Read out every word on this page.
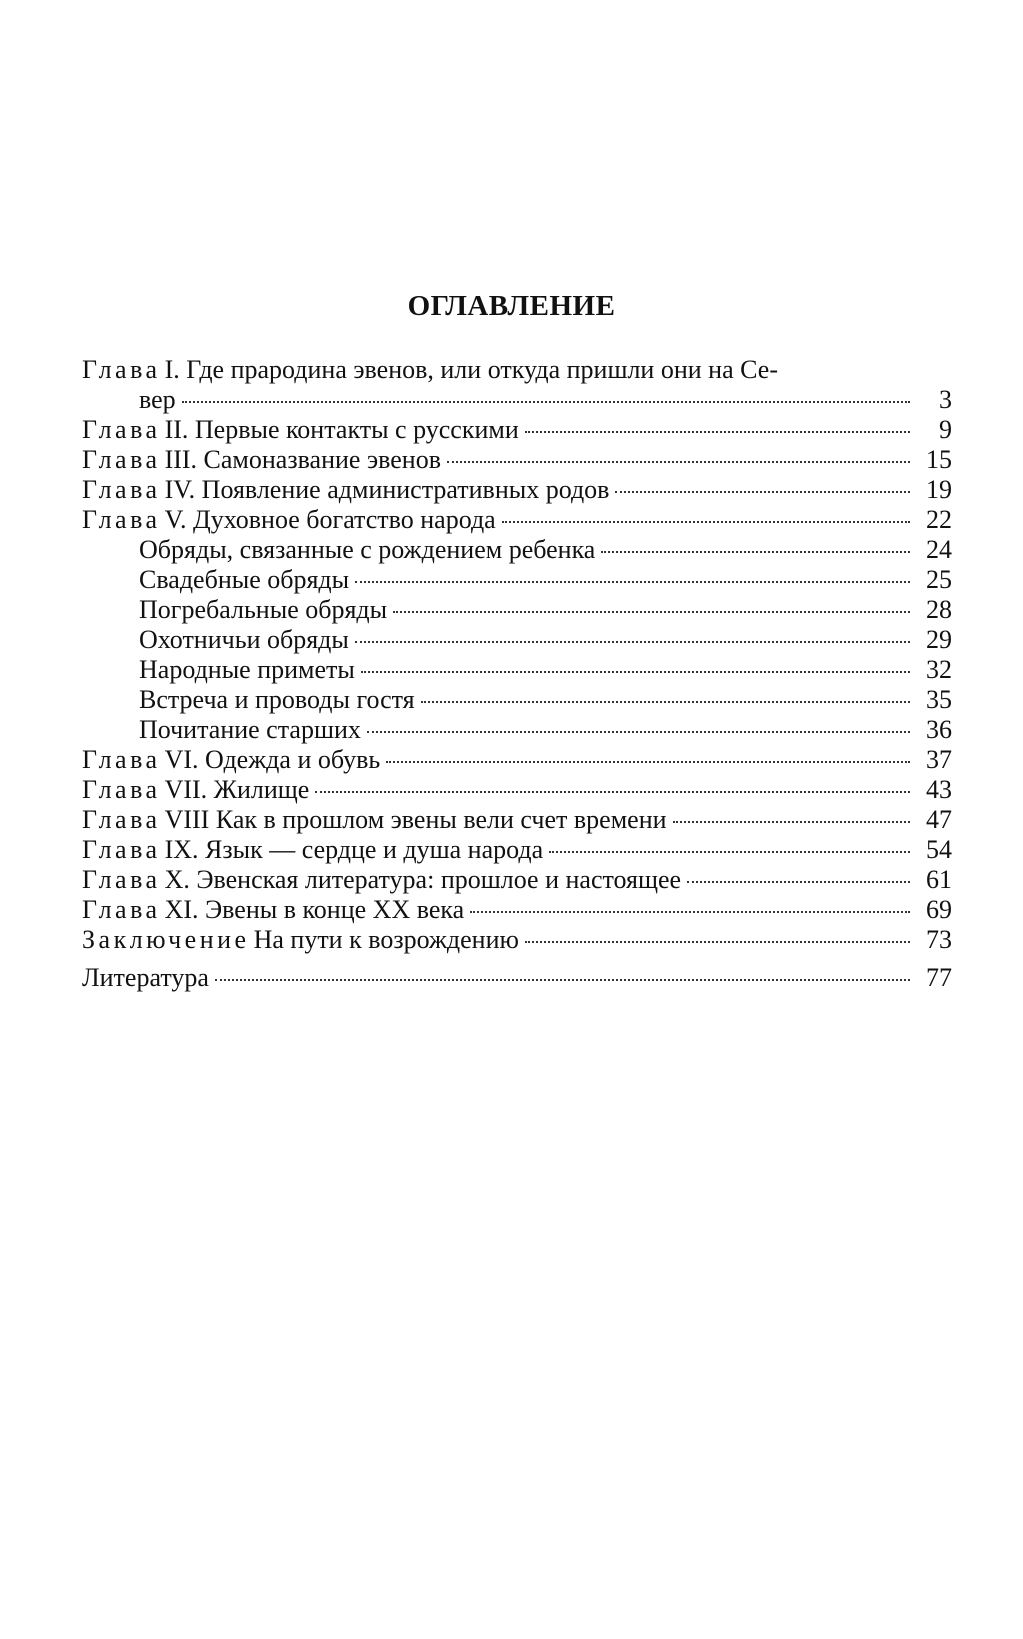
ОГЛАВЛЕНИЕ
Глава I. Где прародина эвенов, или откуда пришли они на Се-
вер	3
Глава II. Первые контакты с русскими	9
Глава III. Самоназвание эвенов	15
Глава IV. Появление административных родов	19
Глава V. Духовное богатство народа	22
Обряды, связанные с рождением ребенка	24
Свадебные обряды	25
Погребальные обряды	28
Охотничьи обряды	29
Народные приметы	32
Встреча и проводы гостя	35
Почитание старших	36
Глава VI. Одежда и обувь	37
Глава VII. Жилище	43
Глава VIII Как в прошлом эвены вели счет времени	47
Глава IX. Язык — сердце и душа народа	54
Глава X. Эвенская литература: прошлое и настоящее	61
Глава XI. Эвены в конце XX века	69
Заключение На пути к возрождению	73
Литература	77
